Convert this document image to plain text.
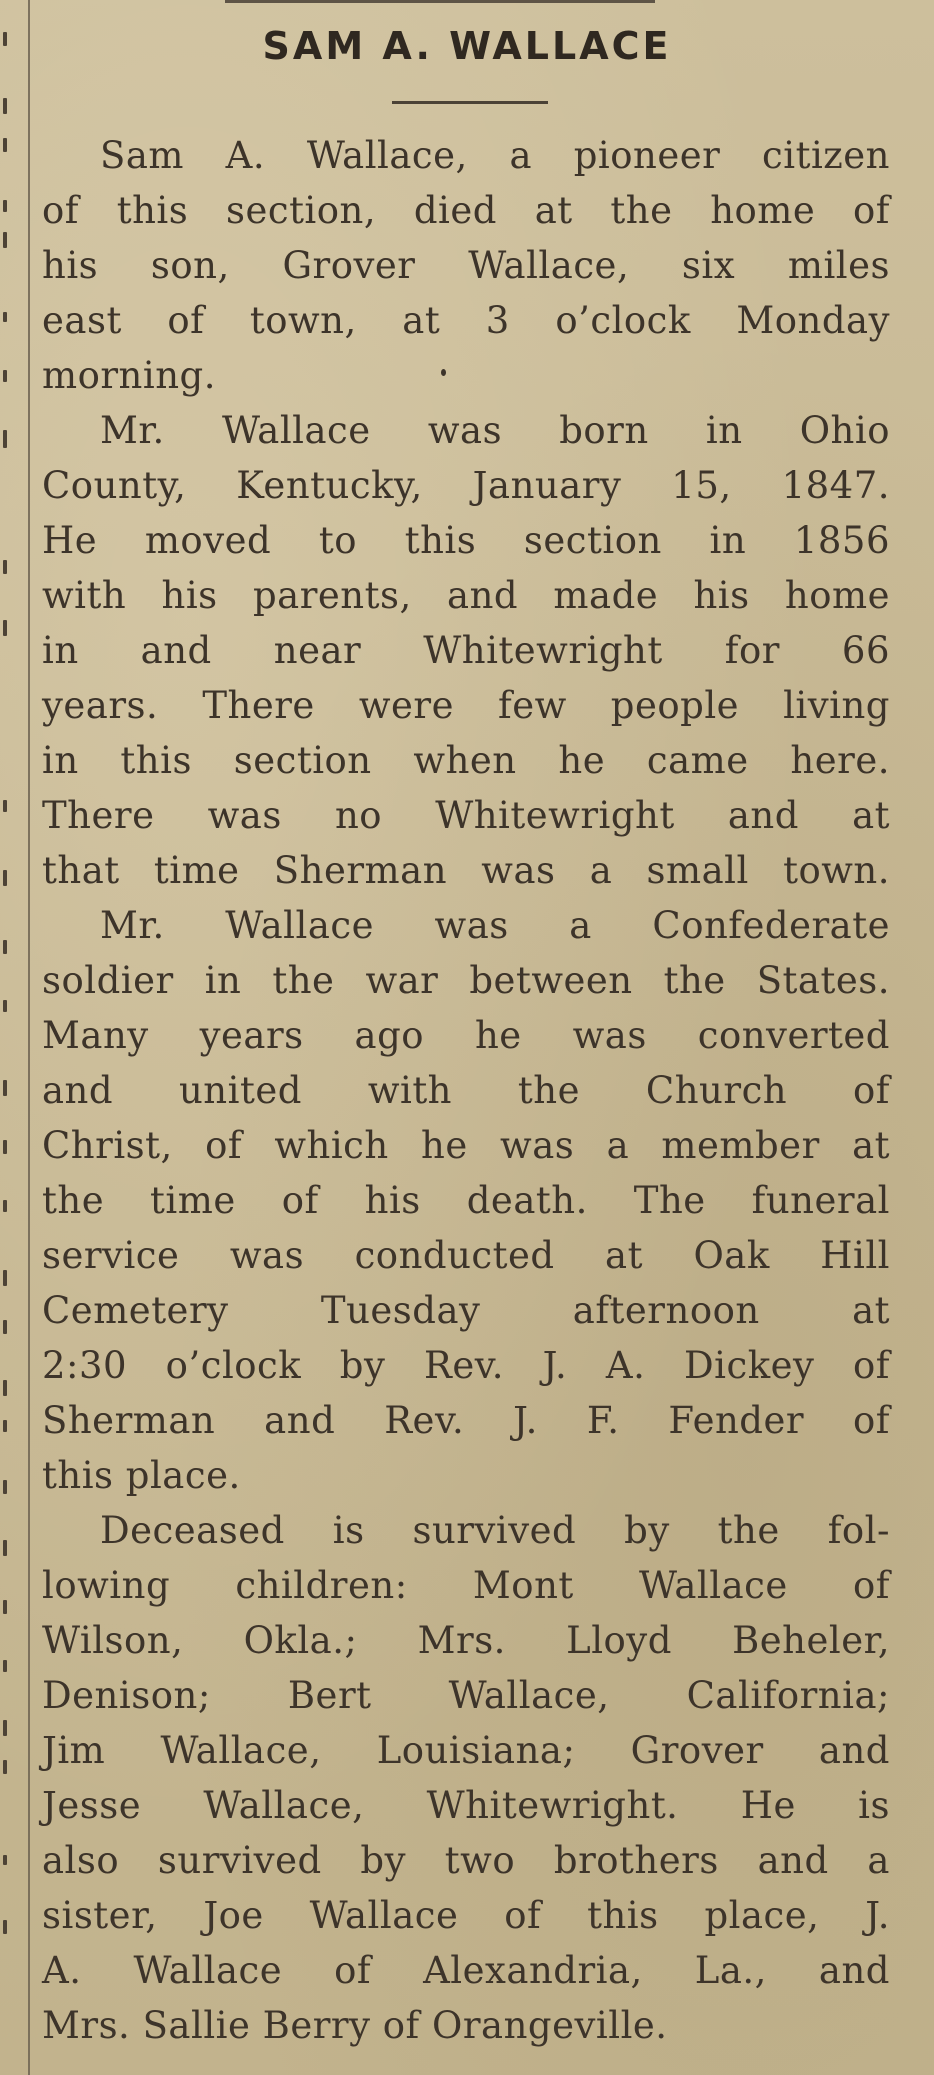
SAM A. WALLACE
Sam A. Wallace, a pioneer citizen
of this section, died at the home of
his son, Grover Wallace, six miles
east of town, at 3 o’clock Monday
morning.
Mr. Wallace was born in Ohio
County, Kentucky, January 15, 1847.
He moved to this section in 1856
with his parents, and made his home
in and near Whitewright for 66
years. There were few people living
in this section when he came here.
There was no Whitewright and at
that time Sherman was a small town.
Mr. Wallace was a Confederate
soldier in the war between the States.
Many years ago he was converted
and united with the Church of
Christ, of which he was a member at
the time of his death. The funeral
service was conducted at Oak Hill
Cemetery Tuesday afternoon at
2:30 o’clock by Rev. J. A. Dickey of
Sherman and Rev. J. F. Fender of
this place.
Deceased is survived by the fol-
lowing children: Mont Wallace of
Wilson, Okla.; Mrs. Lloyd Beheler,
Denison; Bert Wallace, California;
Jim Wallace, Louisiana; Grover and
Jesse Wallace, Whitewright. He is
also survived by two brothers and a
sister, Joe Wallace of this place, J.
A. Wallace of Alexandria, La., and
Mrs. Sallie Berry of Orangeville.
